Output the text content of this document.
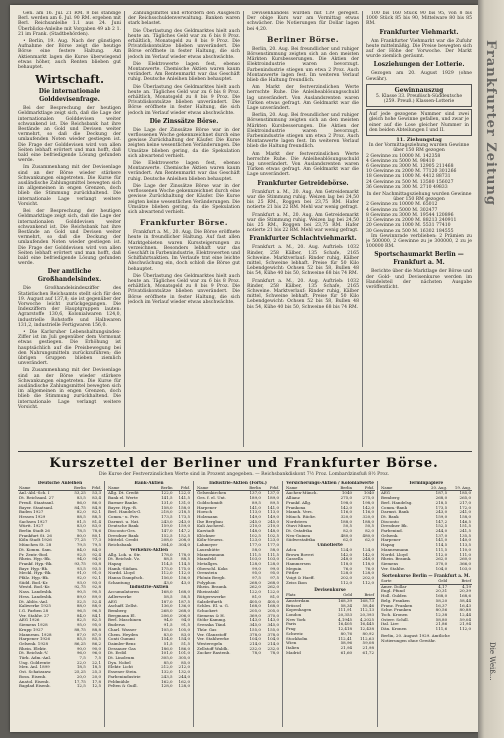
Gen. am 16. Jul. 21 RM. 8 bis ständige Berl. werden am 6. Jul. 90 RM. ergeben mit Berl. Reichsanleihe 1.1 aus 24. Juni Überblicks-Anleihe mit Vorgaben 49 ab 2 1. 21 im Frank. (Stadtbehörden).

• Berlin, 19. Aug. Nach der günstigen Aufnahme der Börse zeigt die heutige Börse eine festere Haltung. Am Aktienmarkt lagen die Kurse überwiegend etwas höher, auch Renten blieben gut behauptet.

Wirtschaft.
Die internationale Golddevisenfrage.

Bei der Besprechung der heutigen Geldmarktlage zeigt sich, daß die Lage der internationalen Golddevisen weiter schwankend ist. Die Reichsbank hat ihre Bestände an Gold und Devisen weiter vermehrt, so daß die Deckung der umlaufenden Noten wieder gestiegen ist. Die Frage der Golddevisen wird von allen Seiten lebhaft erörtert und man hofft, daß bald eine befriedigende Lösung gefunden werde.

Im Zusammenhang mit der Devisenlage sind an der Börse wieder stärkere Schwankungen eingetreten. Die Kurse für ausländische Zahlungsmittel bewegten sich im allgemeinen in engen Grenzen, doch blieb die Stimmung zurückhaltend. Die internationale Lage verlangt weitere Vorsicht.

Bei der Besprechung der heutigen Geldmarktlage zeigt sich, daß die Lage der internationalen Golddevisen weiter schwankend ist. Die Reichsbank hat ihre Bestände an Gold und Devisen weiter vermehrt, so daß die Deckung der umlaufenden Noten wieder gestiegen ist. Die Frage der Golddevisen wird von allen Seiten lebhaft erörtert und man hofft, daß bald eine befriedigende Lösung gefunden werde.

Der amtliche Großhandelsindex.

Die Großhandelsindexziffer des Statistischen Reichsamts stellt sich für den 19. August auf 137,8; sie ist gegenüber der Vorwoche leicht zurückgegangen. Die Indexziffern der Hauptgruppen lauten: Agrarstoffe 130,6, Kolonialwaren 124,0, industrielle Rohstoffe und Halbwaren 131,2, industrielle Fertigwaren 156,0.

• Die Karlsruher Lebenshaltungsindex-Ziffer ist im Juli gegenüber dem Vormonat etwas gestiegen. Die Erhöhung ist hauptsächlich auf die Preisbewegung bei den Nahrungsmitteln zurückzuführen; die übrigen Gruppen blieben ziemlich unverändert.

Im Zusammenhang mit der Devisenlage sind an der Börse wieder stärkere Schwankungen eingetreten. Die Kurse für ausländische Zahlungsmittel bewegten sich im allgemeinen in engen Grenzen, doch blieb die Stimmung zurückhaltend. Die internationale Lage verlangt weitere Vorsicht.

Zahlungsmittel und erfordern den Ausgleich der Reichsschuldenverwaltung. Banken waren stark belastet.

Die Überlastung des Geldmarktes hielt auch heute an. Tägliches Geld war zu 6 bis 8 Proz. erhältlich, Monatsgeld zu 8 bis 9 Proz. Die Privatdiskontsätze blieben unverändert. Die Börse eröffnete in fester Haltung, die sich jedoch im Verlauf wieder etwas abschwächte.

Die Elektrowerte lagen fest, ebenso Montanwerte. Chemische Aktien waren kaum verändert. Am Rentenmarkt war das Geschäft ruhig. Deutsche Anleihen blieben behauptet.

Die Überlastung des Geldmarktes hielt auch heute an. Tägliches Geld war zu 6 bis 8 Proz. erhältlich, Monatsgeld zu 8 bis 9 Proz. Die Privatdiskontsätze blieben unverändert. Die Börse eröffnete in fester Haltung, die sich jedoch im Verlauf wieder etwas abschwächte.

Die Zinssätze Börse.

Die Lage der Zinssätze Börse war in der verflossenen Woche gekennzeichnet durch eine gewisse Zurückhaltung der Käufer. Die Kurse zeigten keine wesentlichen Veränderungen. Die Umsätze blieben gering, da die Spekulation sich abwartend verhielt.

Die Elektrowerte lagen fest, ebenso Montanwerte. Chemische Aktien waren kaum verändert. Am Rentenmarkt war das Geschäft ruhig. Deutsche Anleihen blieben behauptet.

Die Lage der Zinssätze Börse war in der verflossenen Woche gekennzeichnet durch eine gewisse Zurückhaltung der Käufer. Die Kurse zeigten keine wesentlichen Veränderungen. Die Umsätze blieben gering, da die Spekulation sich abwartend verhielt.

Frankfurter Börse.

Frankfurt a. M., 20. Aug. Die Börse eröffnete heute in freundlicher Haltung. Auf fast allen Marktgebieten waren Kurssteigerungen zu verzeichnen. Besonders lebhaft war das Geschäft in Farbenindustrie, Elektrowerten und Schiffahrtsaktien. Im Verlaufe trat eine leichte Abschwächung ein, doch schloß die Börse gut behauptet.

Die Überlastung des Geldmarktes hielt auch heute an. Tägliches Geld war zu 6 bis 8 Proz. erhältlich, Monatsgeld zu 8 bis 9 Proz. Die Privatdiskontsätze blieben unverändert. Die Börse eröffnete in fester Haltung, die sich jedoch im Verlauf wieder etwas abschwächte.

Devisenhandels wurden mit 139 geregelt. Der obige Kurs war am Vormittag etwas schwächer. Die Notierungen für Dollar lagen bei 4,20.

Berliner Börse.

Berlin, 20. Aug. Bei freundlicher und ruhiger Börsenstimmung zeigten sich an den meisten Märkten Kursbesserungen. Die Aktien der Elektroindustrie waren bevorzugt. Farbenindustrie stiegen um etwa 2 Proz. Auch Montanwerte lagen fest. Im weiteren Verlauf blieb die Haltung freundlich.

Am Markt der festverzinslichen Werte herrschte Ruhe. Die Anleiheablösungsschuld lag unverändert. Von Auslandsrenten waren Türken etwas gefragt. Am Geldmarkt war die Lage unverändert.

Berlin, 20. Aug. Bei freundlicher und ruhiger Börsenstimmung zeigten sich an den meisten Märkten Kursbesserungen. Die Aktien der Elektroindustrie waren bevorzugt. Farbenindustrie stiegen um etwa 2 Proz. Auch Montanwerte lagen fest. Im weiteren Verlauf blieb die Haltung freundlich.

Am Markt der festverzinslichen Werte herrschte Ruhe. Die Anleiheablösungsschuld lag unverändert. Von Auslandsrenten waren Türken etwas gefragt. Am Geldmarkt war die Lage unverändert.

Frankfurter Getreidebörse.

Frankfurt a. M., 20. Aug. Am Getreidemarkt war die Stimmung ruhig. Weizen lag bei 24,50 bis 25 RM., Roggen bei 23,75 RM. Hafer notierte 21 bis 22 RM. Mehl war wenig gefragt.

Frankfurt a. M., 20. Aug. Am Getreidemarkt war die Stimmung ruhig. Weizen lag bei 24,50 bis 25 RM., Roggen bei 23,75 RM. Hafer notierte 21 bis 22 RM. Mehl war wenig gefragt.

Frankfurter Schlachtviehmarkt.

Frankfurt a. M., 20. Aug. Auftrieb: 1032 Rinder, 258 Kälber, 135 Schafe, 2165 Schweine. Marktverlauf: Rinder ruhig, Kälber mittel, Schweine lebhaft. Preise für 50 Kilo Lebendgewicht: Ochsen 52 bis 58, Bullen 48 bis 54, Kühe 40 bis 50, Schweine 68 bis 74 RM.

Frankfurt a. M., 20. Aug. Auftrieb: 1032 Rinder, 258 Kälber, 135 Schafe, 2165 Schweine. Marktverlauf: Rinder ruhig, Kälber mittel, Schweine lebhaft. Preise für 50 Kilo Lebendgewicht: Ochsen 52 bis 58, Bullen 48 bis 54, Kühe 40 bis 50, Schweine 68 bis 74 RM.

100 bis 160 Stück 90 bis 95, von 8 bis 1000 Stück 85 bis 90, Mittelware 80 bis 85 RM.

Frankfurter Viehmarkt.

Am Frankfurter Viehmarkt war die Zufuhr heute mittelmäßig. Die Preise bewegten sich auf der Höhe der Vorwoche. Der Markt wurde ziemlich geräumt.

Losziehungen der Lotterie.

Gezogen am 20. August 1929 (ohne Gewähr).

Gewinnauszug
5. Klasse 33. Preußisch-Süddeutsche
(259. Preuß.) Klassen-Lotterie
Auf jede gezogene Nummer sind zwei gleich hohe Gewinne gefallen, und zwar je einer auf die Lose gleicher Nummer in den beiden Abteilungen I und II.
11. Ziehungstag
In der Vormittagsziehung wurden Gewinne über 150 RM gezogen
2 Gewinne zu 10000 M. 142358
4 Gewinne zu 5000 M. 98410
6 Gewinne zu 3000 M. 12905 211468
10 Gewinne zu 2000 M. 77120 301266
18 Gewinne zu 1000 M. 4412 88731
24 Gewinne zu 500 M. 13580 156027
36 Gewinne zu 300 M. 2710 49833
In der Nachmittagsziehung wurden Gewinne über 150 RM gezogen
2 Gewinne zu 10000 M. 65012
4 Gewinne zu 5000 M. 302477
8 Gewinne zu 3000 M. 19544 120896
12 Gewinne zu 2000 M. 88213 240911
20 Gewinne zu 1000 M. 5531 77410
30 Gewinne zu 500 M. 16302 184555

Im Gewinnrade verblieben: 2 Prämien zu je 500000, 2 Gewinne zu je 300000, 2 zu je 100000 RM.

Sportschaumarkt Berlin — Frankfurt a. M.

Berichte über die Marktlage der Börse und der Gold- und Devisenkurse werden im Handelsteil der nächsten Ausgabe veröffentlicht.

Kurszettel der Berliner und Frankfurter Börse.
Die Kurse der Festverzinslichen Werte sind in Prozent angegeben. — Reichsbankdiskont 7½ Proz. Lombardzinsfuß 8½ Proz.
Deutsche Anleihen		
Name	Berlin	Frkf.
Anl.-Abl.-Sch. I	53,25	53,3
Dt. Reichsanl. 27	83,5	83,4
Preuß. Staatsanl.	86,0	86,0
Bayer. Staatsanl.	84,75	84,8
Baden 1927	82,0	82,1
Hessen 1929	88,5	88,5
Sachsen 1927	81,5	81,4
Württ. 1927	83,0	83,0
Berlin Stadt 26	78,5	78,6
Frankfurt St. 26	80,0	80,1
Köln Stadt 1926	77,25	77,3
München St. 28	79,5	79,5
Dt. Komm. Sam.	84,0	84,0
Pr. Zentr.-Bod.	92,5	92,4
Rhein. Hyp.-Bk.	94,0	94,0
Frankf. Hyp.-Bk.	93,75	93,8
Bayr. Hyp.-Bk.	93,5	93,5
Meckl. Hyp.-Bk.	91,0	91,0
Pfälz. Hyp.-Bk.	92,0	92,1
Südd. Bod.-Kr.	93,0	93,0
Westd. Bod.-Kr.	92,75	92,8
Nass. Landesbk.	90,5	90,5
Hess. Landesbk.	89,0	89,0
Dt. Ablös.-Anl.	52,5	52,4
Kaliwerke 1925	88,0	88,0
I.G. Farben 28	96,5	96,5
Ver. Stahlw. 27	84,0	84,1
AEG 1926	82,5	82,5
Siemens 1928	95,0	95,0
Krupp 1927	88,75	88,8
Mannesm. 1928	87,0	87,0
Harpener 1926	85,5	85,5
Gelsenk. 1928	86,25	86,2
Rhein. Elektr.	90,0	90,0
Dt. Reichsb.-V.	96,0	96,0
Türk. Adm.-Anl.	7,5	7,5
Ung. Goldrente	22,0	22,1
Mex. Anl. 1899	18,5	18,5
Öst. Schatzanw.	25,25	25,3
Bosn. Eisenb.	20,0	20,0
Anatol. Eisenb.	17,75	17,8
Bagdad Eisenb.	12,5	12,5
Bank-Aktien		
Name	Berlin	Frkf.
Allg. Dt. Credit	122,0	122,0
Bank el. Werte	141,5	141,5
Barmer Bankv.	131,0	131,0
Bayer. Hyp.-B.	158,0	158,0
Berl. Handels-G.	218,0	218,5
Comm.- u. Priv.	173,5	173,5
Darmst. u. Nat.	243,0	243,0
Deutsche Bank	159,0	159,0
Disconto-Ges.	147,0	147,2
Dresdner Bank	152,5	152,5
Mitteld. Credit	208,0	208,0
Reichsbank	304,0	304,0
Verkehrs-Aktien		
Allg. Lok. u. Str.	178,0	178,0
Dt. Reichsb. Vz.	88,5	88,5
Hapag	114,5	114,5
Hamb.-Südam.	175,0	175,0
Nordd. Lloyd	112,0	112,0
Hansa Dampfsch.	156,0	156,0
Schantung	43,0	43,0
Industrie-Aktien		
Accumulatoren	168,0	168,0
Adlerwerke	58,5	58,5
AEG	187,0	187,5
Aschaff. Zellst.	136,0	136,0
Bemberg	268,0	268,0
Bergmann El.	206,0	206,0
Berl. Maschinen	94,0	94,0
Buderus	91,5	91,5
Charl. Wasser	105,0	105,0
Chem. Heyden	83,0	83,0
Conti Gummi	154,0	154,0
Daimler-Benz	51,5	51,5
Dessauer Gas	186,0	186,0
Dt. Erdöl	101,0	101,0
Dt. Linoleum	305,0	305,0
Dyn. Nobel	85,0	85,0
Elektr. Licht	212,0	212,0
Essener Stein.	132,0	132,0
Farbenindustrie	243,5	244,0
Feldmühle	162,0	162,0
Felten & Guill.	128,0	128,0
Industrie-Aktien (Forts.)		
Name	Berlin	Frkf.
Gelsenkirchen	137,0	137,0
Ges. f. el. Unt.	189,0	189,0
Goldschmidt	89,5	89,5
Harpener	141,0	141,0
Hoesch	113,0	113,0
Holzmann	149,0	149,0
Ilse Bergbau	245,0	245,0
Kali Aschersl.	210,0	210,0
Karstadt	148,0	148,0
Klöckner	102,5	102,5
Köln-Neuess.	123,0	123,0
Lahmeyer	177,0	177,0
Laurahütte	58,0	58,0
Mannesmann	111,5	111,5
Mansfeld	103,0	103,0
Metallges.	128,0	128,0
Oberschl. Koks	99,0	99,0
Orenstein	95,0	95,0
Phönix Bergb.	97,5	97,5
Polyphon	268,0	268,0
Rhein. Braunk.	262,0	262,0
Rheinstahl	122,0	122,0
Rütgerswerke	81,0	81,0
Salzdetfurth	405,0	405,0
Schles. El. u. G.	168,0	168,0
Schuckert	205,0	205,0
Siemens & H.	369,0	370,0
Stöhr Kammg.	143,0	143,0
Svenska Tänd.	345,0	345,0
Thür. Gas	155,0	155,0
Ver. Glanzstoff	378,0	378,0
Ver. Stahlwerke	104,0	104,0
Westeregeln	214,0	214,0
Zellstoff Waldh.	232,0	232,0
Zucker Rastenb.	78,0	78,0
Versicherungs-Aktien / Kolonialwerte		
Name	Berlin	Frkf.
Aachen-Münch.	1040	1040
Allianz	275,0	275,0
Frankf. Allg.	198,0	198,0
Frankona	142,0	142,0
Mannh. Vers.	116,0	116,0
Münch. Rückv.	320,0	320,0
Nordstern	188,0	188,0
Otavi Minen	50,5	50,5
Dt. Ostafrika	82,0	82,0
Neu-Guinea	480,0	480,0
Südwestafrika	62,0	62,0
Unnotierte		
Adca	124,0	124,0
Brown Boveri	142,0	142,0
Cassella	248,0	248,0
Hammersen	118,0	118,0
Meguin	76,0	76,0
Pittler	128,0	128,0
Voigt & Haeff.	202,0	202,0
Zeiss Ikon	112,0	112,0
Devisenkurse		
Platz	Geld	Brief
Amsterdam	168,39	168,73
Brüssel	58,34	58,46
Kopenhagen	111,91	112,13
London	20,353	20,393
New York	4,1945	4,2025
Paris	16,405	16,445
Prag	12,418	12,438
Schweiz	80,76	80,92
Stockholm	112,41	112,63
Wien	58,96	59,08
Italien	21,94	21,98
Madrid	61,60	61,72
Terminpapiere		
Name	20. Aug.	19. Aug.
AEG	187,5	185,0
Bemberg	268,0	265,0
Berl. Handelsg.	218,5	217,0
Comm.-Bank	173,5	172,0
Darmst. Bank	243,0	241,0
Dt. Bank	159,0	158,0
Disconto	147,2	146,5
Dresdner Bk.	152,5	151,5
Farbenind.	244,0	241,5
Gelsenk.	137,0	135,5
Harpener	141,0	140,0
Hapag	114,5	113,5
Mannesmann	111,5	110,0
Nordd. Lloyd	112,0	111,0
Rhein. Braunk.	262,0	260,0
Siemens	370,0	366,0
Ver. Stahlw.	104,0	103,0
Sortenkurse Berlin — Frankfurt a. M.		
Sorte	Geld	Brief
Amer. Dollar	4,17	4,19
Engl. Pfund	20,31	20,39
Holl. Gulden	168,0	168,6
Belg. Franken	58,20	58,44
Franz. Franken	16,37	16,43
Schw. Franken	80,56	80,88
Tsch. Kronen	12,38	12,44
Österr. Schill.	58,80	59,04
Ital. Lire	21,86	21,94
Dän. Kronen	111,6	112,0
Berlin, 20. August 1929. Amtliche Notierungen ohne Gewähr.		
Frankfurter Zeitung
Die Weiß...
